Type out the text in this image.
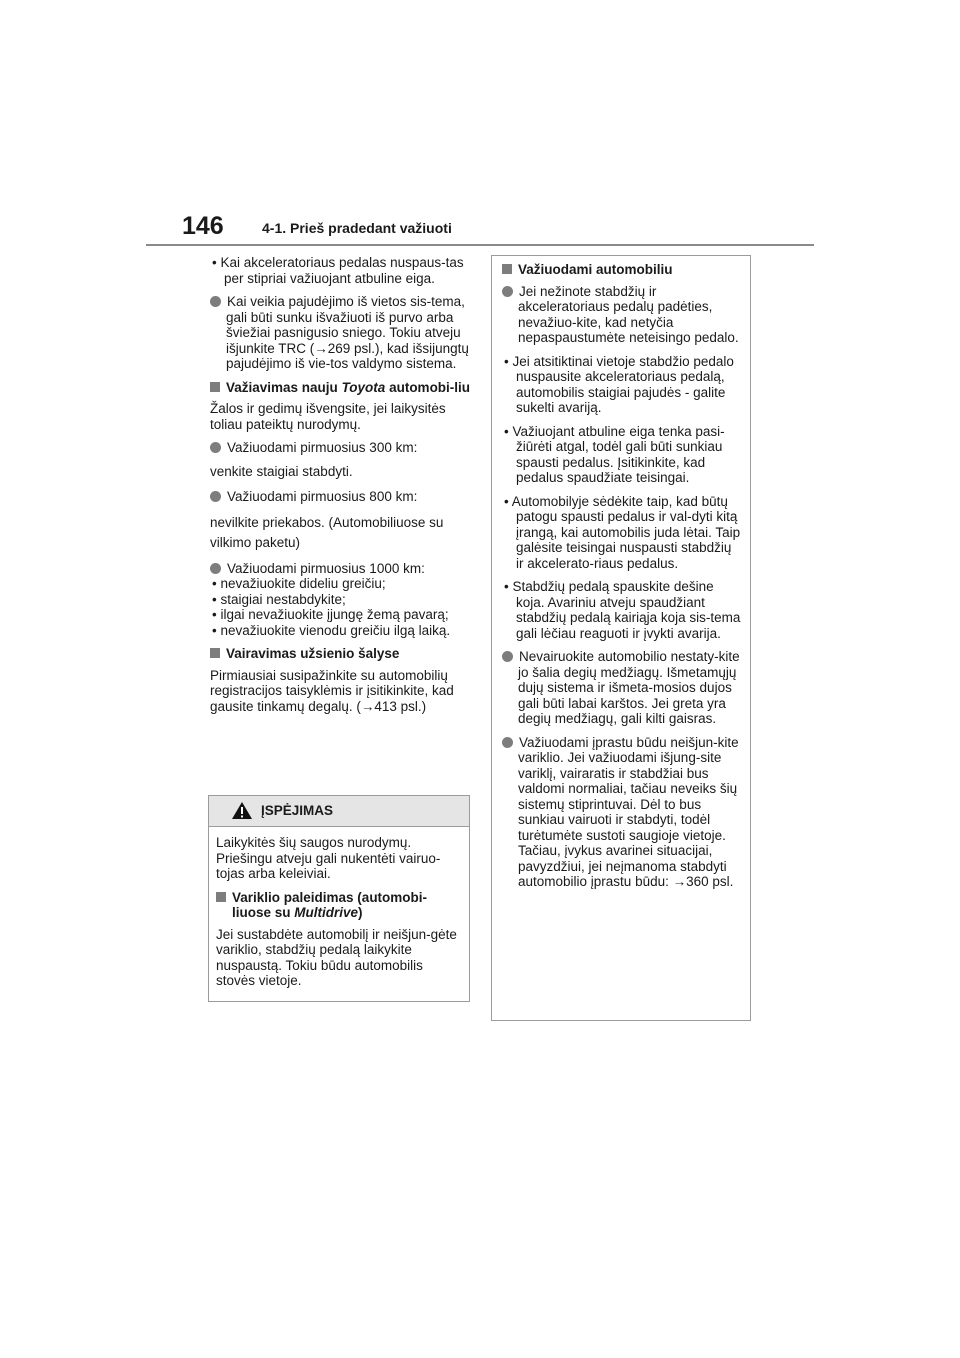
146	4-1. Prieš pradedant važiuoti
• Kai akceleratoriaus pedalas nuspaus-tas per stipriai važiuojant atbuline eiga.
Kai veikia pajudėjimo iš vietos sis-tema, gali būti sunku išvažiuoti iš purvo arba šviežiai pasnigusio sniego. Tokiu atveju išjunkite TRC (→269 psl.), kad išsijungtų pajudėjimo iš vie-tos valdymo sistema.
Važiavimas nauju Toyota automobi-liu
Žalos ir gedimų išvengsite, jei laikysitės toliau pateiktų nurodymų.
Važiuodami pirmuosius 300 km:
venkite staigiai stabdyti.
Važiuodami pirmuosius 800 km:
nevilkite priekabos. (Automobiliuose su vilkimo paketu)
Važiuodami pirmuosius 1000 km:
• nevažiuokite dideliu greičiu;
• staigiai nestabdykite;
• ilgai nevažiuokite įjungę žemą pavarą;
• nevažiuokite vienodu greičiu ilgą laiką.
Vairavimas užsienio šalyse
Pirmiausiai susipažinkite su automobilių registracijos taisyklėmis ir įsitikinkite, kad gausite tinkamų degalų. (→413 psl.)
ĮSPĖJIMAS
Laikykitės šių saugos nurodymų. Priešingu atveju gali nukentėti vairuo-tojas arba keleiviai.
Variklio paleidimas (automobi-liuose su Multidrive)
Jei sustabdėte automobilį ir neišjun-gėte variklio, stabdžių pedalą laikykite nuspaustą. Tokiu būdu automobilis stovės vietoje.
Važiuodami automobiliu
Jei nežinote stabdžių ir akceleratoriaus pedalų padėties, nevažiuo-kite, kad netyčia nepaspaustumėte neteisingo pedalo.
• Jei atsitiktinai vietoje stabdžio pedalo nuspausite akceleratoriaus pedalą, automobilis staigiai pajudės - galite sukelti avariją.
• Važiuojant atbuline eiga tenka pasi-žiūrėti atgal, todėl gali būti sunkiau spausti pedalus. Įsitikinkite, kad pedalus spaudžiate teisingai.
• Automobilyje sėdėkite taip, kad būtų patogu spausti pedalus ir val-dyti kitą įrangą, kai automobilis juda lėtai. Taip galėsite teisingai nuspausti stabdžių ir akcelerato-riaus pedalus.
• Stabdžių pedalą spauskite dešine koja. Avariniu atveju spaudžiant stabdžių pedalą kairiąja koja sis-tema gali lėčiau reaguoti ir įvykti avarija.
Nevairuokite automobilio nestaty-kite jo šalia degių medžiagų. Išmetamųjų dujų sistema ir išmeta-mosios dujos gali būti labai karštos. Jei greta yra degių medžiagų, gali kilti gaisras.
Važiuodami įprastu būdu neišjun-kite variklio. Jei važiuodami išjung-site variklį, vairaratis ir stabdžiai bus valdomi normaliai, tačiau neveiks šių sistemų stiprintuvai. Dėl to bus sunkiau vairuoti ir stabdyti, todėl turėtumėte sustoti saugioje vietoje.
Tačiau, įvykus avarinei situacijai, pavyzdžiui, jei neįmanoma stabdyti automobilio įprastu būdu: →360 psl.
